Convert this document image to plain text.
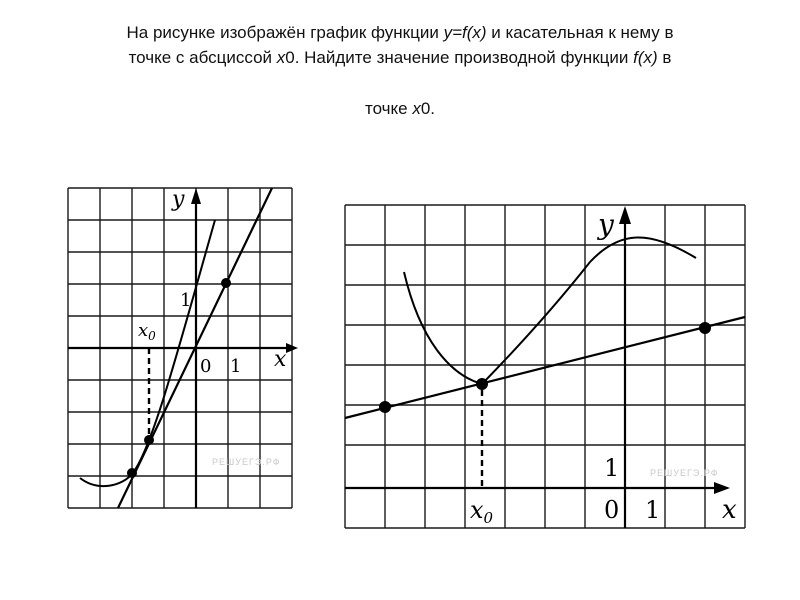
На рисунке изображён график функции y=f(x) и касательная к нему в

точке с абсциссой x0. Найдите значение производной функции f(x) в

точке x0.

y
x
$x_0$
0 1
1
РЕШУЕГЭ.РФ
y
x
$x_0$
1
0 1
РЕШУЕГЭ.РФ
